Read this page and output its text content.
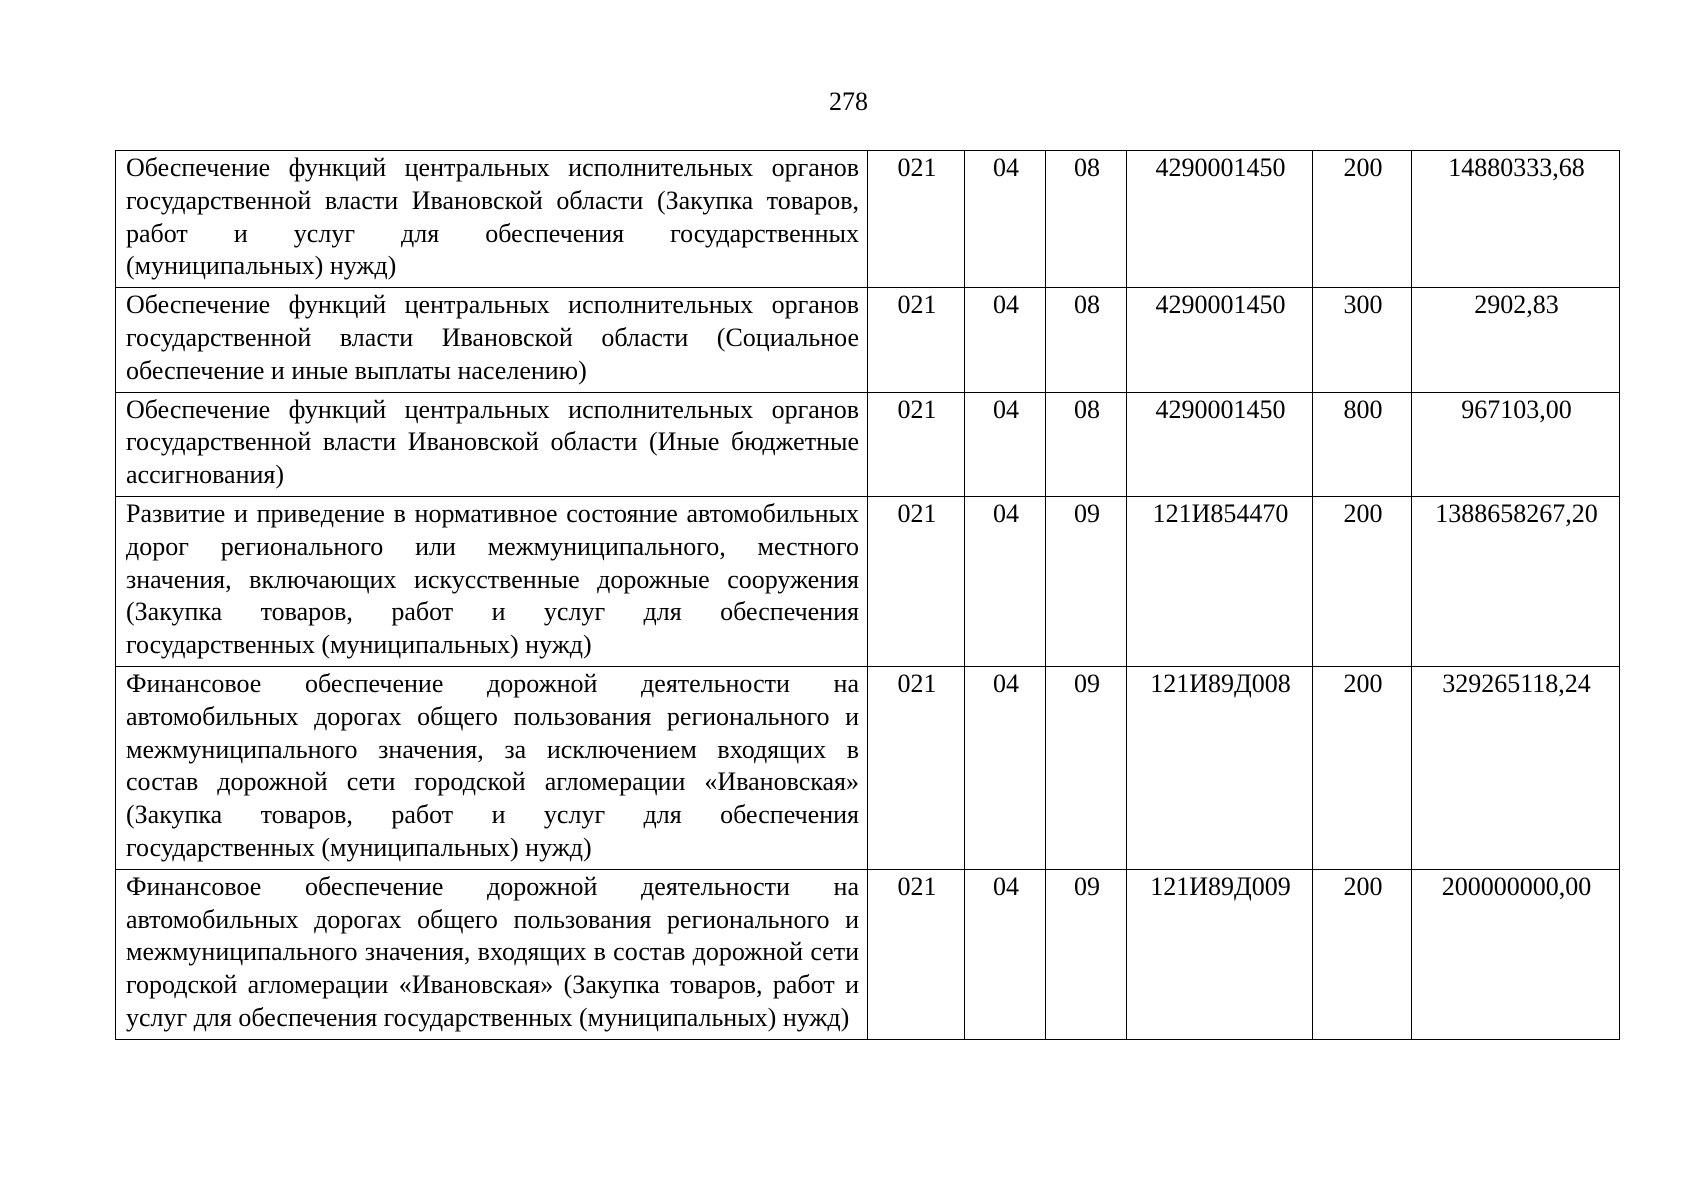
278
Обеспечение функций центральных исполнительных органов государственной власти Ивановской области (Закупка товаров, работ и услуг для обеспечения государственных (муниципальных) нужд)	021	04	08	4290001450	200	14880333,68
Обеспечение функций центральных исполнительных органов государственной власти Ивановской области (Социальное обеспечение и иные выплаты населению)	021	04	08	4290001450	300	2902,83
Обеспечение функций центральных исполнительных органов государственной власти Ивановской области (Иные бюджетные ассигнования)	021	04	08	4290001450	800	967103,00
Развитие и приведение в нормативное состояние автомобильных дорог регионального или межмуниципального, местного значения, включающих искусственные дорожные сооружения (Закупка товаров, работ и услуг для обеспечения государственных (муниципальных) нужд)	021	04	09	121И854470	200	1388658267,20
Финансовое обеспечение дорожной деятельности на автомобильных дорогах общего пользования регионального и межмуниципального значения, за исключением входящих в состав дорожной сети городской агломерации «Ивановская» (Закупка товаров, работ и услуг для обеспечения государственных (муниципальных) нужд)	021	04	09	121И89Д008	200	329265118,24
Финансовое обеспечение дорожной деятельности на автомобильных дорогах общего пользования регионального и межмуниципального значения, входящих в состав дорожной сети городской агломерации «Ивановская» (Закупка товаров, работ и услуг для обеспечения государственных (муниципальных) нужд)	021	04	09	121И89Д009	200	200000000,00
